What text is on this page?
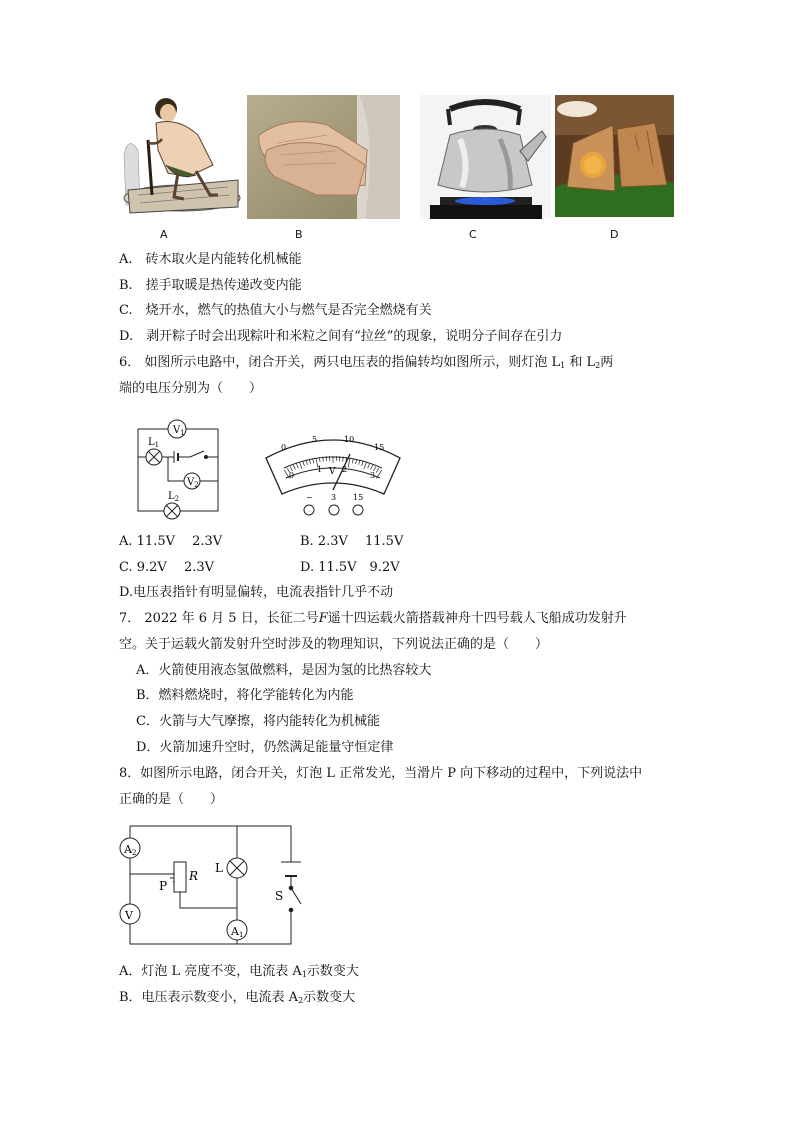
A	B	C	D
A.　砖木取火是内能转化机械能
B.　搓手取暖是热传递改变内能
C.　烧开水，燃气的热值大小与燃气是否完全燃烧有关
D.　剥开粽子时会出现粽叶和米粒之间有“拉丝”的现象，说明分子间存在引力
6． 如图所示电路中，闭合开关，两只电压表的指偏转均如图所示，则灯泡 $L_1$ 和 $L_2$两
端的电压分别为（　　）
$V_1$
$V_2$
$L_1$
$L_2$
0
5	10
15
0
1 2
3
V
− 3 15
A. 11.5V　 2.3V	B. 2.3V　 11.5V
C. 9.2V　 2.3V	D. 11.5V　9.2V
D.电压表指针有明显偏转，电流表指针几乎不动
7． 2022 年 6 月 5 日，长征二号F遥十四运载火箭搭载神舟十四号载人飞船成功发射升
空。关于运载火箭发射升空时涉及的物理知识，下列说法正确的是（　　）
A．火箭使用液态氢做燃料，是因为氢的比热容较大
B．燃料燃烧时，将化学能转化为内能
C．火箭与大气摩擦，将内能转化为机械能
D．火箭加速升空时，仍然满足能量守恒定律
8．如图所示电路，闭合开关，灯泡 L 正常发光，当滑片 P 向下移动的过程中，下列说法中
正确的是（　　）
A2
V
A1
P
R
L
S
A．灯泡 L 亮度不变，电流表 $A_1$示数变大
B．电压表示数变小，电流表 $A_2$示数变大
